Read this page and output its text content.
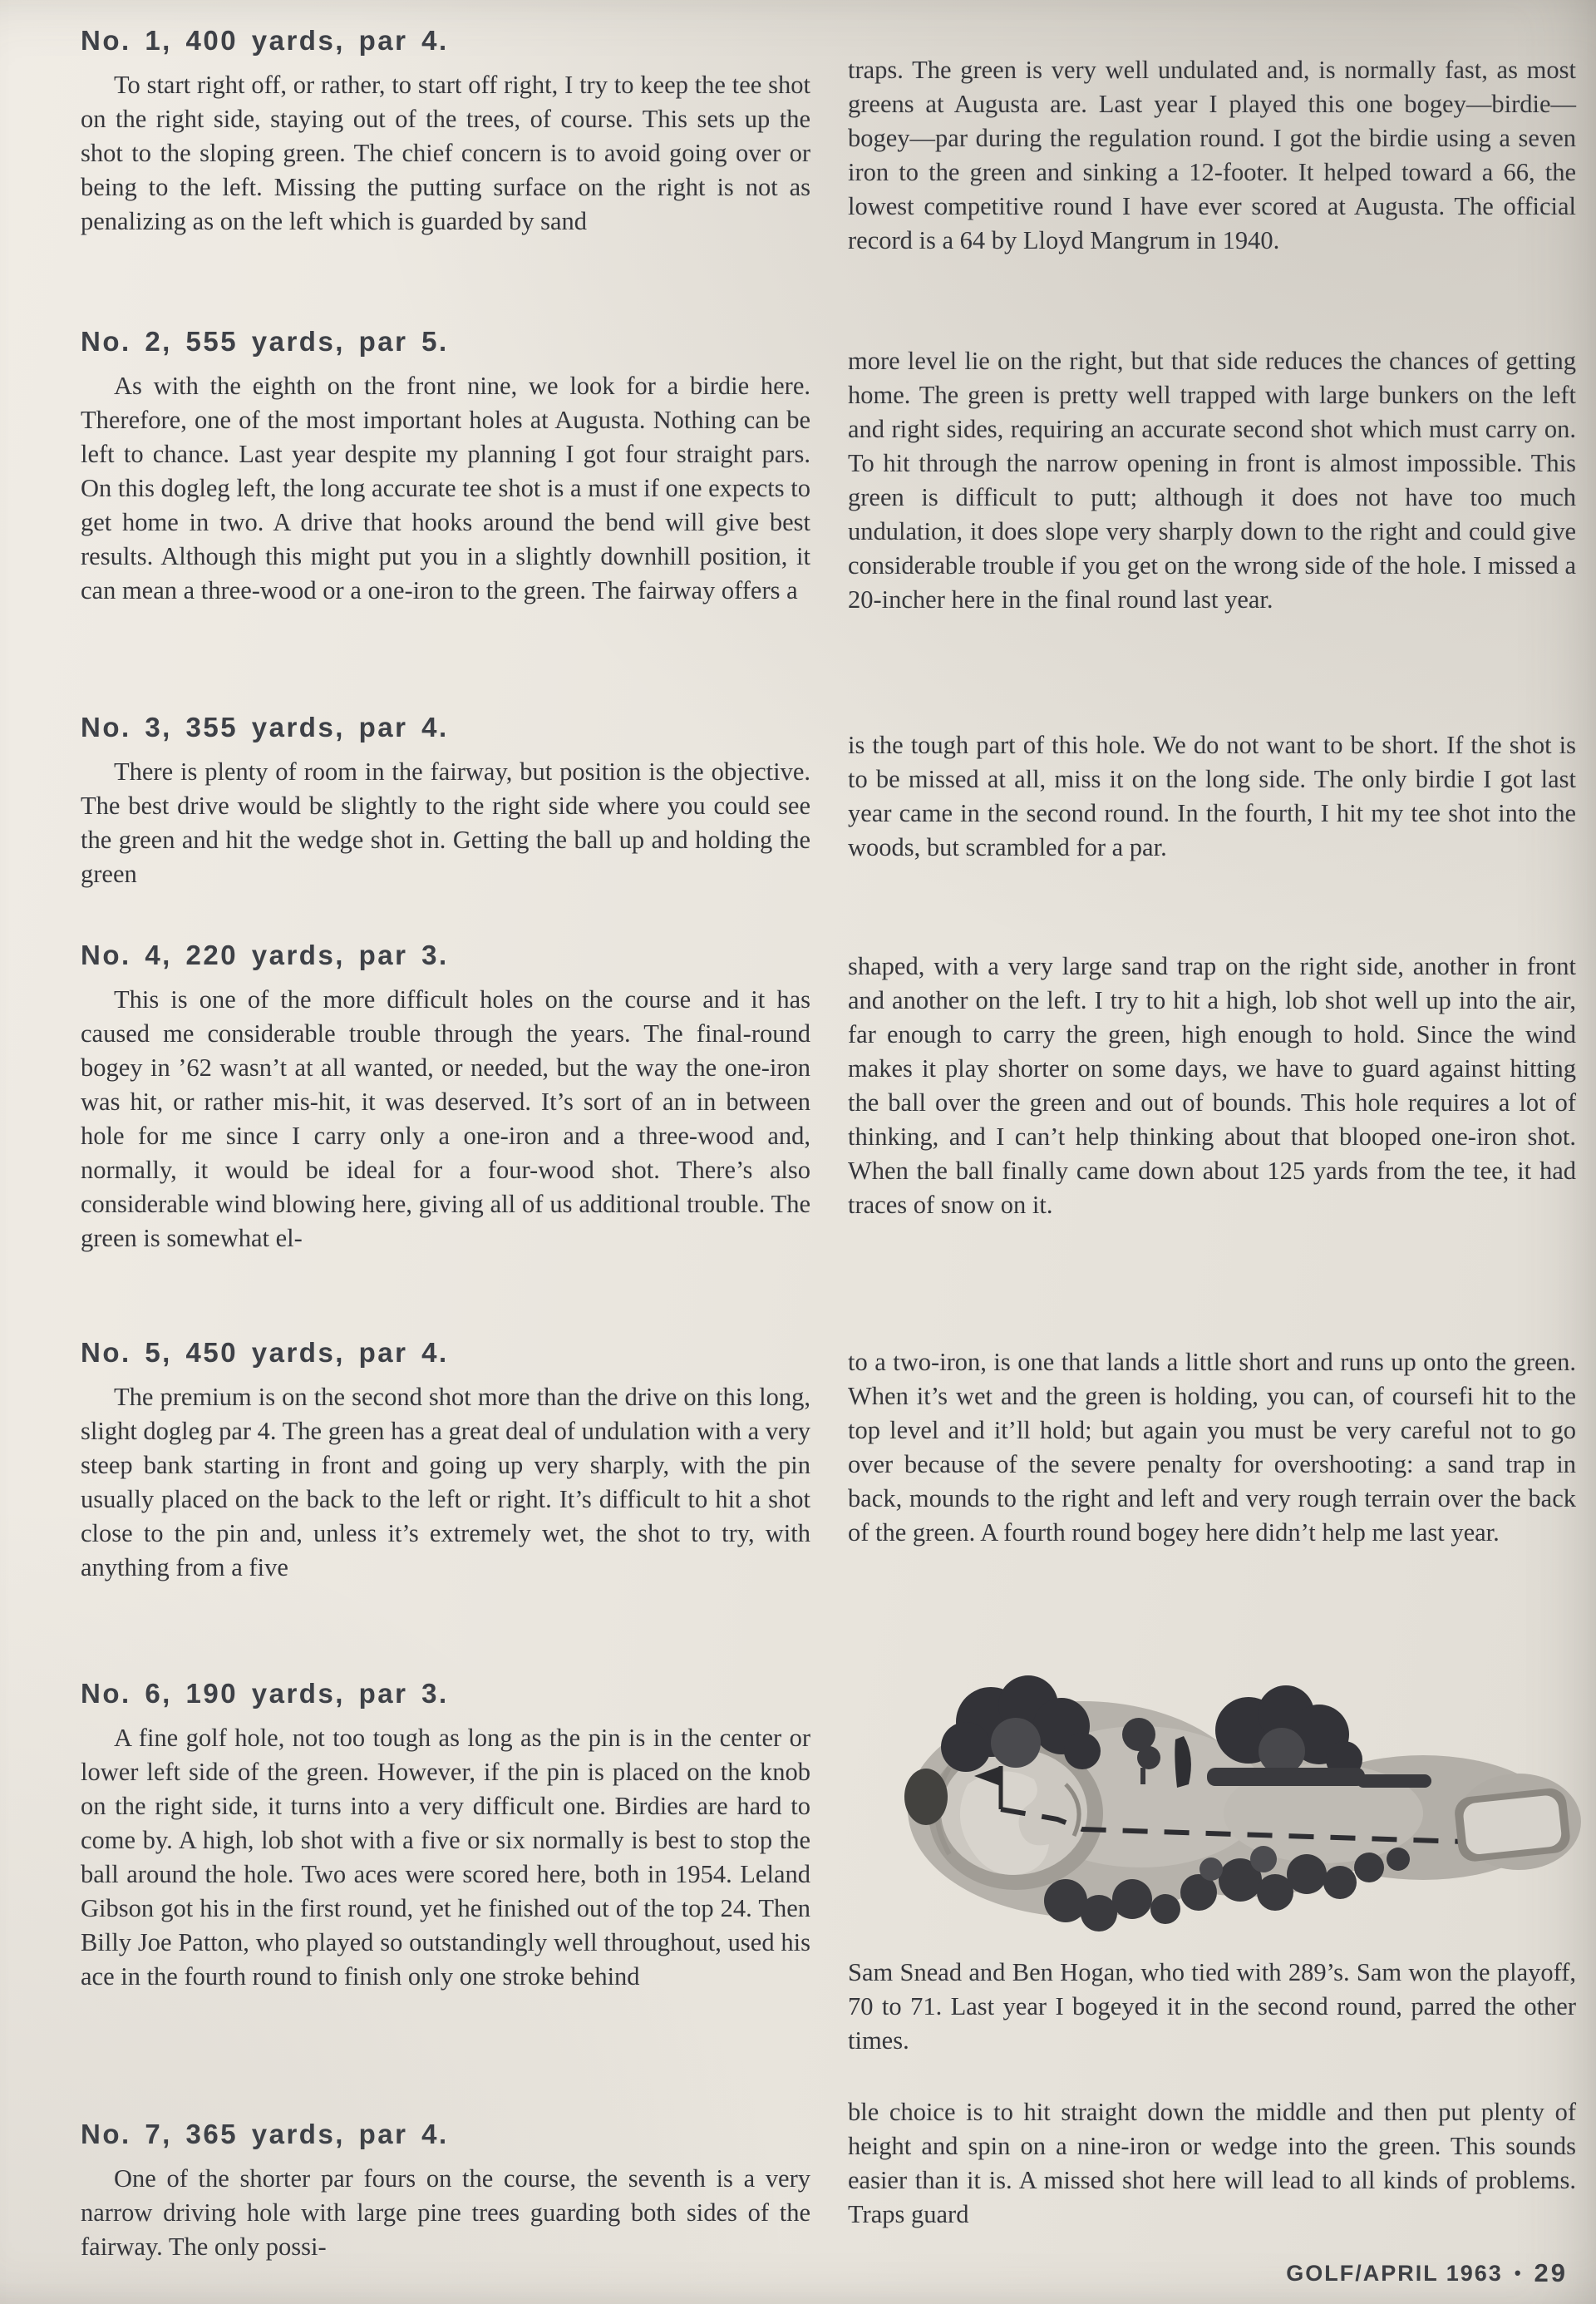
No. 1, 400 yards, par 4.

To start right off, or rather, to start off right, I try to keep the tee shot on the right side, staying out of the trees, of course. This sets up the shot to the sloping green. The chief concern is to avoid going over or being to the left. Missing the putting surface on the right is not as penalizing as on the left which is guarded by sand

No. 2, 555 yards, par 5.

As with the eighth on the front nine, we look for a birdie here. Therefore, one of the most important holes at Augusta. Nothing can be left to chance. Last year despite my planning I got four straight pars. On this dogleg left, the long accurate tee shot is a must if one expects to get home in two. A drive that hooks around the bend will give best results. Although this might put you in a slightly downhill position, it can mean a three-wood or a one-iron to the green. The fairway offers a

No. 3, 355 yards, par 4.

There is plenty of room in the fairway, but position is the objective. The best drive would be slightly to the right side where you could see the green and hit the wedge shot in. Getting the ball up and holding the green

No. 4, 220 yards, par 3.

This is one of the more difficult holes on the course and it has caused me considerable trouble through the years. The final-round bogey in ’62 wasn’t at all wanted, or needed, but the way the one-iron was hit, or rather mis-hit, it was deserved. It’s sort of an in between hole for me since I carry only a one-iron and a three-wood and, normally, it would be ideal for a four-wood shot. There’s also considerable wind blowing here, giving all of us additional trouble. The green is somewhat el-

No. 5, 450 yards, par 4.

The premium is on the second shot more than the drive on this long, slight dogleg par 4. The green has a great deal of undulation with a very steep bank starting in front and going up very sharply, with the pin usually placed on the back to the left or right. It’s difficult to hit a shot close to the pin and, unless it’s extremely wet, the shot to try, with anything from a five

No. 6, 190 yards, par 3.

A fine golf hole, not too tough as long as the pin is in the center or lower left side of the green. However, if the pin is placed on the knob on the right side, it turns into a very difficult one. Birdies are hard to come by. A high, lob shot with a five or six normally is best to stop the ball around the hole. Two aces were scored here, both in 1954. Leland Gibson got his in the first round, yet he finished out of the top 24. Then Billy Joe Patton, who played so outstandingly well throughout, used his ace in the fourth round to finish only one stroke behind

No. 7, 365 yards, par 4.

One of the shorter par fours on the course, the seventh is a very narrow driving hole with large pine trees guarding both sides of the fairway. The only possi-

traps. The green is very well undulated and, is normally fast, as most greens at Augusta are. Last year I played this one bogey—birdie—bogey—par during the regulation round. I got the birdie using a seven iron to the green and sinking a 12-footer. It helped toward a 66, the lowest competitive round I have ever scored at Augusta. The official record is a 64 by Lloyd Mangrum in 1940.

more level lie on the right, but that side reduces the chances of getting home. The green is pretty well trapped with large bunkers on the left and right sides, requiring an accurate second shot which must carry on. To hit through the narrow opening in front is almost impossible. This green is difficult to putt; although it does not have too much undulation, it does slope very sharply down to the right and could give considerable trouble if you get on the wrong side of the hole. I missed a 20-incher here in the final round last year.

is the tough part of this hole. We do not want to be short. If the shot is to be missed at all, miss it on the long side. The only birdie I got last year came in the second round. In the fourth, I hit my tee shot into the woods, but scrambled for a par.

shaped, with a very large sand trap on the right side, another in front and another on the left. I try to hit a high, lob shot well up into the air, far enough to carry the green, high enough to hold. Since the wind makes it play shorter on some days, we have to guard against hitting the ball over the green and out of bounds. This hole requires a lot of thinking, and I can’t help thinking about that blooped one-iron shot. When the ball finally came down about 125 yards from the tee, it had traces of snow on it.

to a two-iron, is one that lands a little short and runs up onto the green. When it’s wet and the green is holding, you can, of coursefi hit to the top level and it’ll hold; but again you must be very careful not to go over because of the severe penalty for overshooting: a sand trap in back, mounds to the right and left and very rough terrain over the back of the green. A fourth round bogey here didn’t help me last year.

Sam Snead and Ben Hogan, who tied with 289’s. Sam won the playoff, 70 to 71. Last year I bogeyed it in the second round, parred the other times.

ble choice is to hit straight down the middle and then put plenty of height and spin on a nine-iron or wedge into the green. This sounds easier than it is. A missed shot here will lead to all kinds of problems. Traps guard

GOLF/APRIL 1963 • 29
